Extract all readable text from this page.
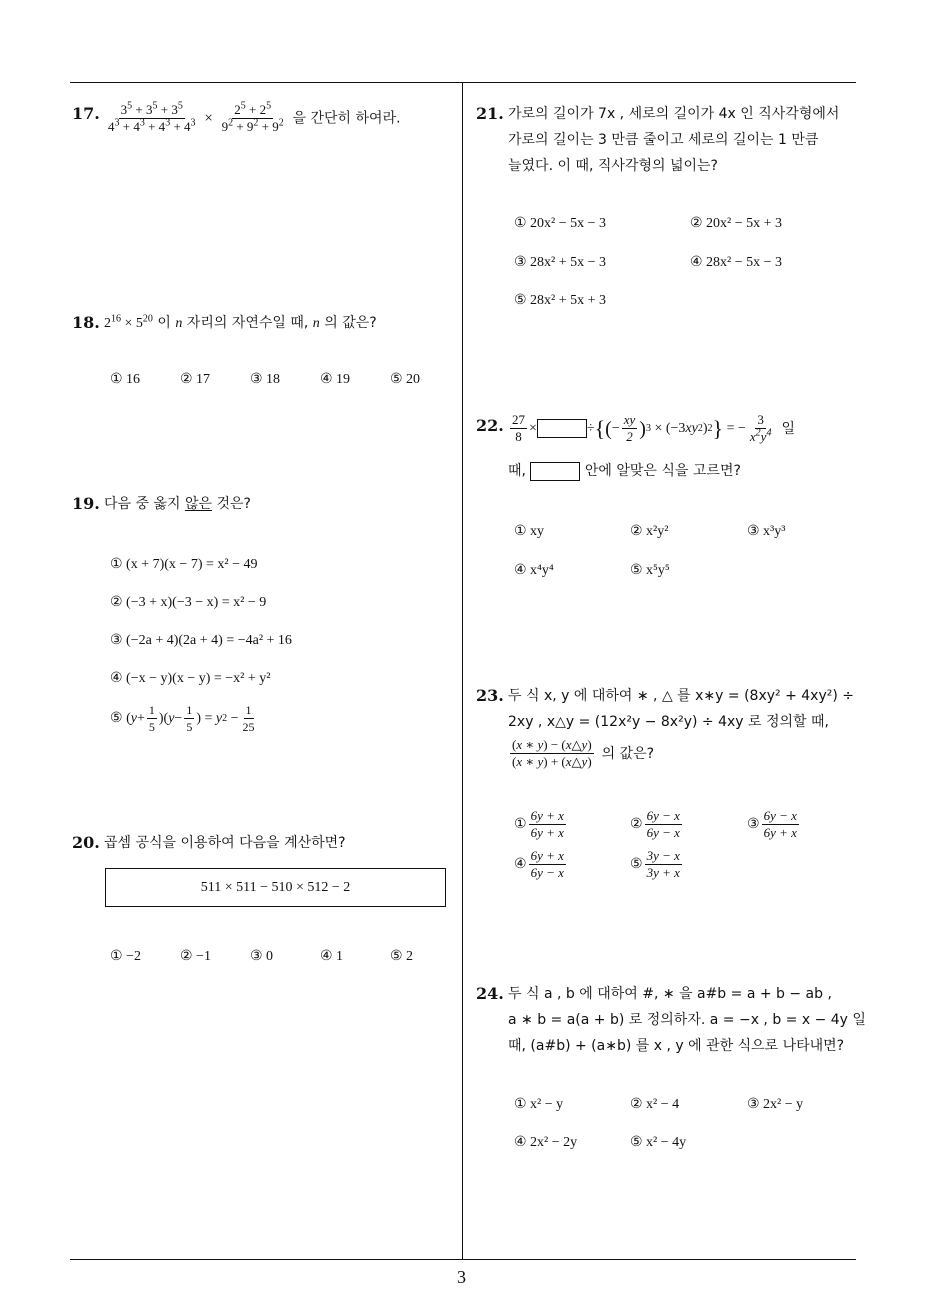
17. $\frac{3^5 + 3^5 + 3^5}{4^3 + 4^3 + 4^3 + 4^3} \times \frac{2^5 + 2^5}{9^2 + 9^2 + 9^2}$ 을 간단히 하여라.
18. $2^{16} \times 5^{20}$ 이 n 자리의 자연수일 때, n 의 값은?
① 16	② 17	③ 18	④ 19	⑤ 20
19. 다음 중 옳지 않은 것은?
① (x + 7)(x − 7) = x² − 49
② (−3 + x)(−3 − x) = x² − 9
③ (−2a + 4)(2a + 4) = −4a² + 16
④ (−x − y)(x − y) = −x² + y²
⑤ ( $y + \frac{1}{5}$ )( $y - \frac{1}{5}$ ) = y $2 - \frac{1}{25}$
20. 곱셈 공식을 이용하여 다음을 계산하면?
511 × 511 − 510 × 512 − 2
① −2	② −1	③ 0	④ 1	⑤ 2
21. 가로의 길이가 7x , 세로의 길이가 4x 인 직사각형에서
가로의 길이는 3 만큼 줄이고 세로의 길이는 1 만큼
늘였다. 이 때, 직사각형의 넓이는?
① 20x² − 5x − 3	② 20x² − 5x + 3
③ 28x² + 5x − 3	④ 28x² − 5x − 3
⑤ 28x² + 5x + 3
22. $\frac{27}{8}$ ×	÷ { ( − $\frac{xy}{2}$ ) 3 × (−3 xy 2 ) 2 } = − $\frac{3}{x^2y^4}$ 일
때,

	안에 알맞은 식을 고르면?
① xy	② x²y²	③ x³y³
④ x⁴y⁴	⑤ x⁵y⁵
23. 두 식 x, y 에 대하여 ∗ , △ 를 x∗y = (8xy² + 4xy²) ÷
2xy , x△y = (12x²y − 8x²y) ÷ 4xy 로 정의할 때,
$\frac{(x ∗ y) - (x\triangle y)}{(x ∗ y) + (x\triangle y)}$ 의 값은?
① $\frac{6y + x}{6y + x}$	② $\frac{6y - x}{6y - x}$	③ $\frac{6y - x}{6y + x}$
④ $\frac{6y + x}{6y - x}$	⑤ $\frac{3y - x}{3y + x}$
24. 두 식 a , b 에 대하여 #, ∗ 을 a#b = a + b − ab ,
a ∗ b = a(a + b) 로 정의하자. a = −x , b = x − 4y 일
때, (a#b) + (a∗b) 를 x , y 에 관한 식으로 나타내면?
① x² − y	② x² − 4	③ 2x² − y
④ 2x² − 2y	⑤ x² − 4y
3
